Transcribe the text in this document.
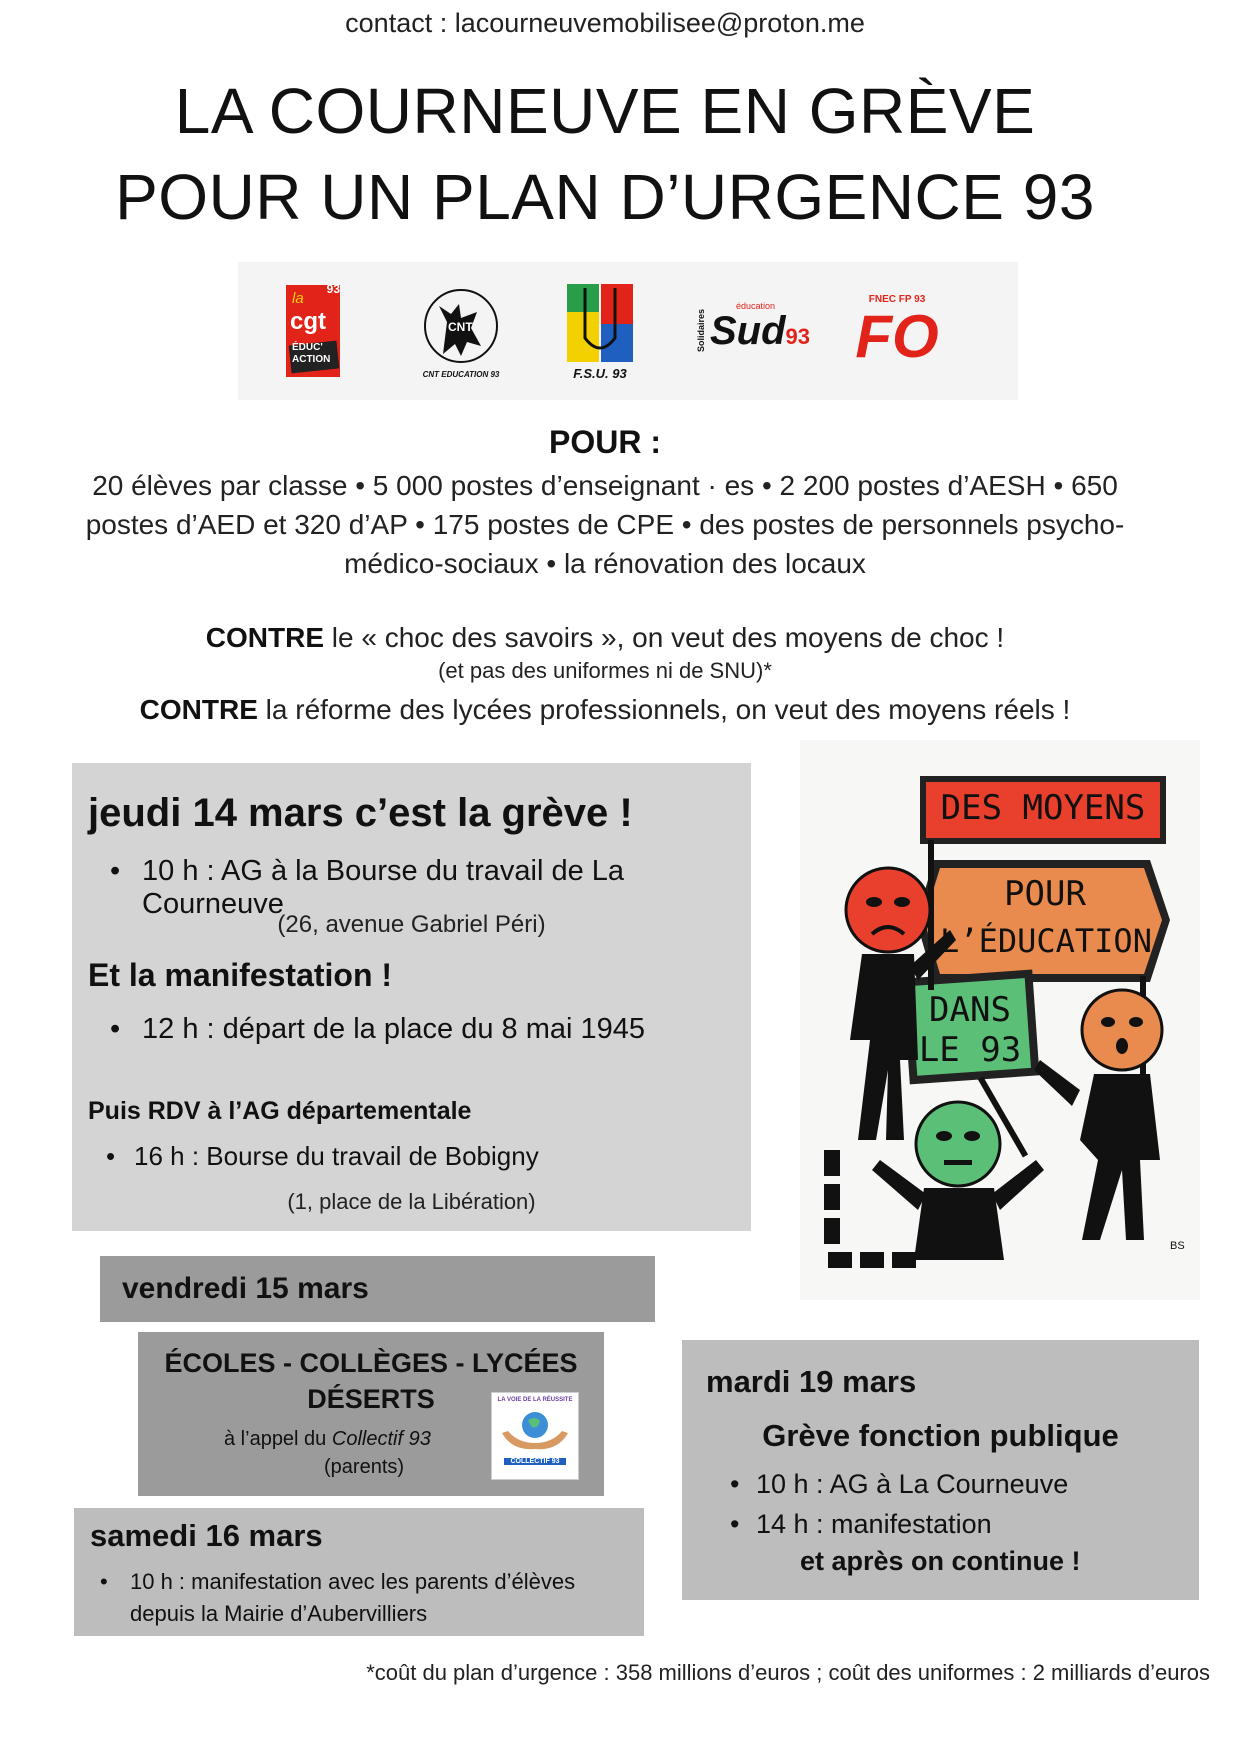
contact : lacourneuvemobilisee@proton.me
LA COURNEUVE EN GRÈVE
POUR UN PLAN D’URGENCE 93
93
la
cgt
ÉDUC'
ACTION
CNT
CNT EDUCATION 93	F.S.U. 93
Solidaires
éducation
Sud93
FNEC FP 93
FO
POUR :
20 élèves par classe • 5 000 postes d’enseignant · es • 2 200 postes d’AESH • 650 postes d’AED et 320 d’AP • 175 postes de CPE • des postes de personnels psycho-médico-sociaux • la rénovation des locaux
CONTRE le « choc des savoirs », on veut des moyens de choc !
(et pas des uniformes ni de SNU)*
CONTRE la réforme des lycées professionnels, on veut des moyens réels !
jeudi 14 mars c’est la grève !
• 10 h : AG à la Bourse du travail de La Courneuve
(26, avenue Gabriel Péri)
Et la manifestation !
• 12 h : départ de la place du 8 mai 1945
Puis RDV à l’AG départementale
• 16 h : Bourse du travail de Bobigny
(1, place de la Libération)
DES MOYENS
POUR
L’ÉDUCATION
DANS
LE 93
BS
vendredi 15 mars
ÉCOLES - COLLÈGES - LYCÉES
DÉSERTS
à l’appel du Collectif 93
(parents)
LA VOIE DE LA RÉUSSITE
COLLECTIF 93
samedi 16 mars
• 10 h : manifestation avec les parents d’élèves depuis la Mairie d’Aubervilliers
mardi 19 mars
Grève fonction publique
• 10 h : AG à La Courneuve
• 14 h : manifestation
et après on continue !
*coût du plan d’urgence : 358 millions d’euros ; coût des uniformes : 2 milliards d’euros
